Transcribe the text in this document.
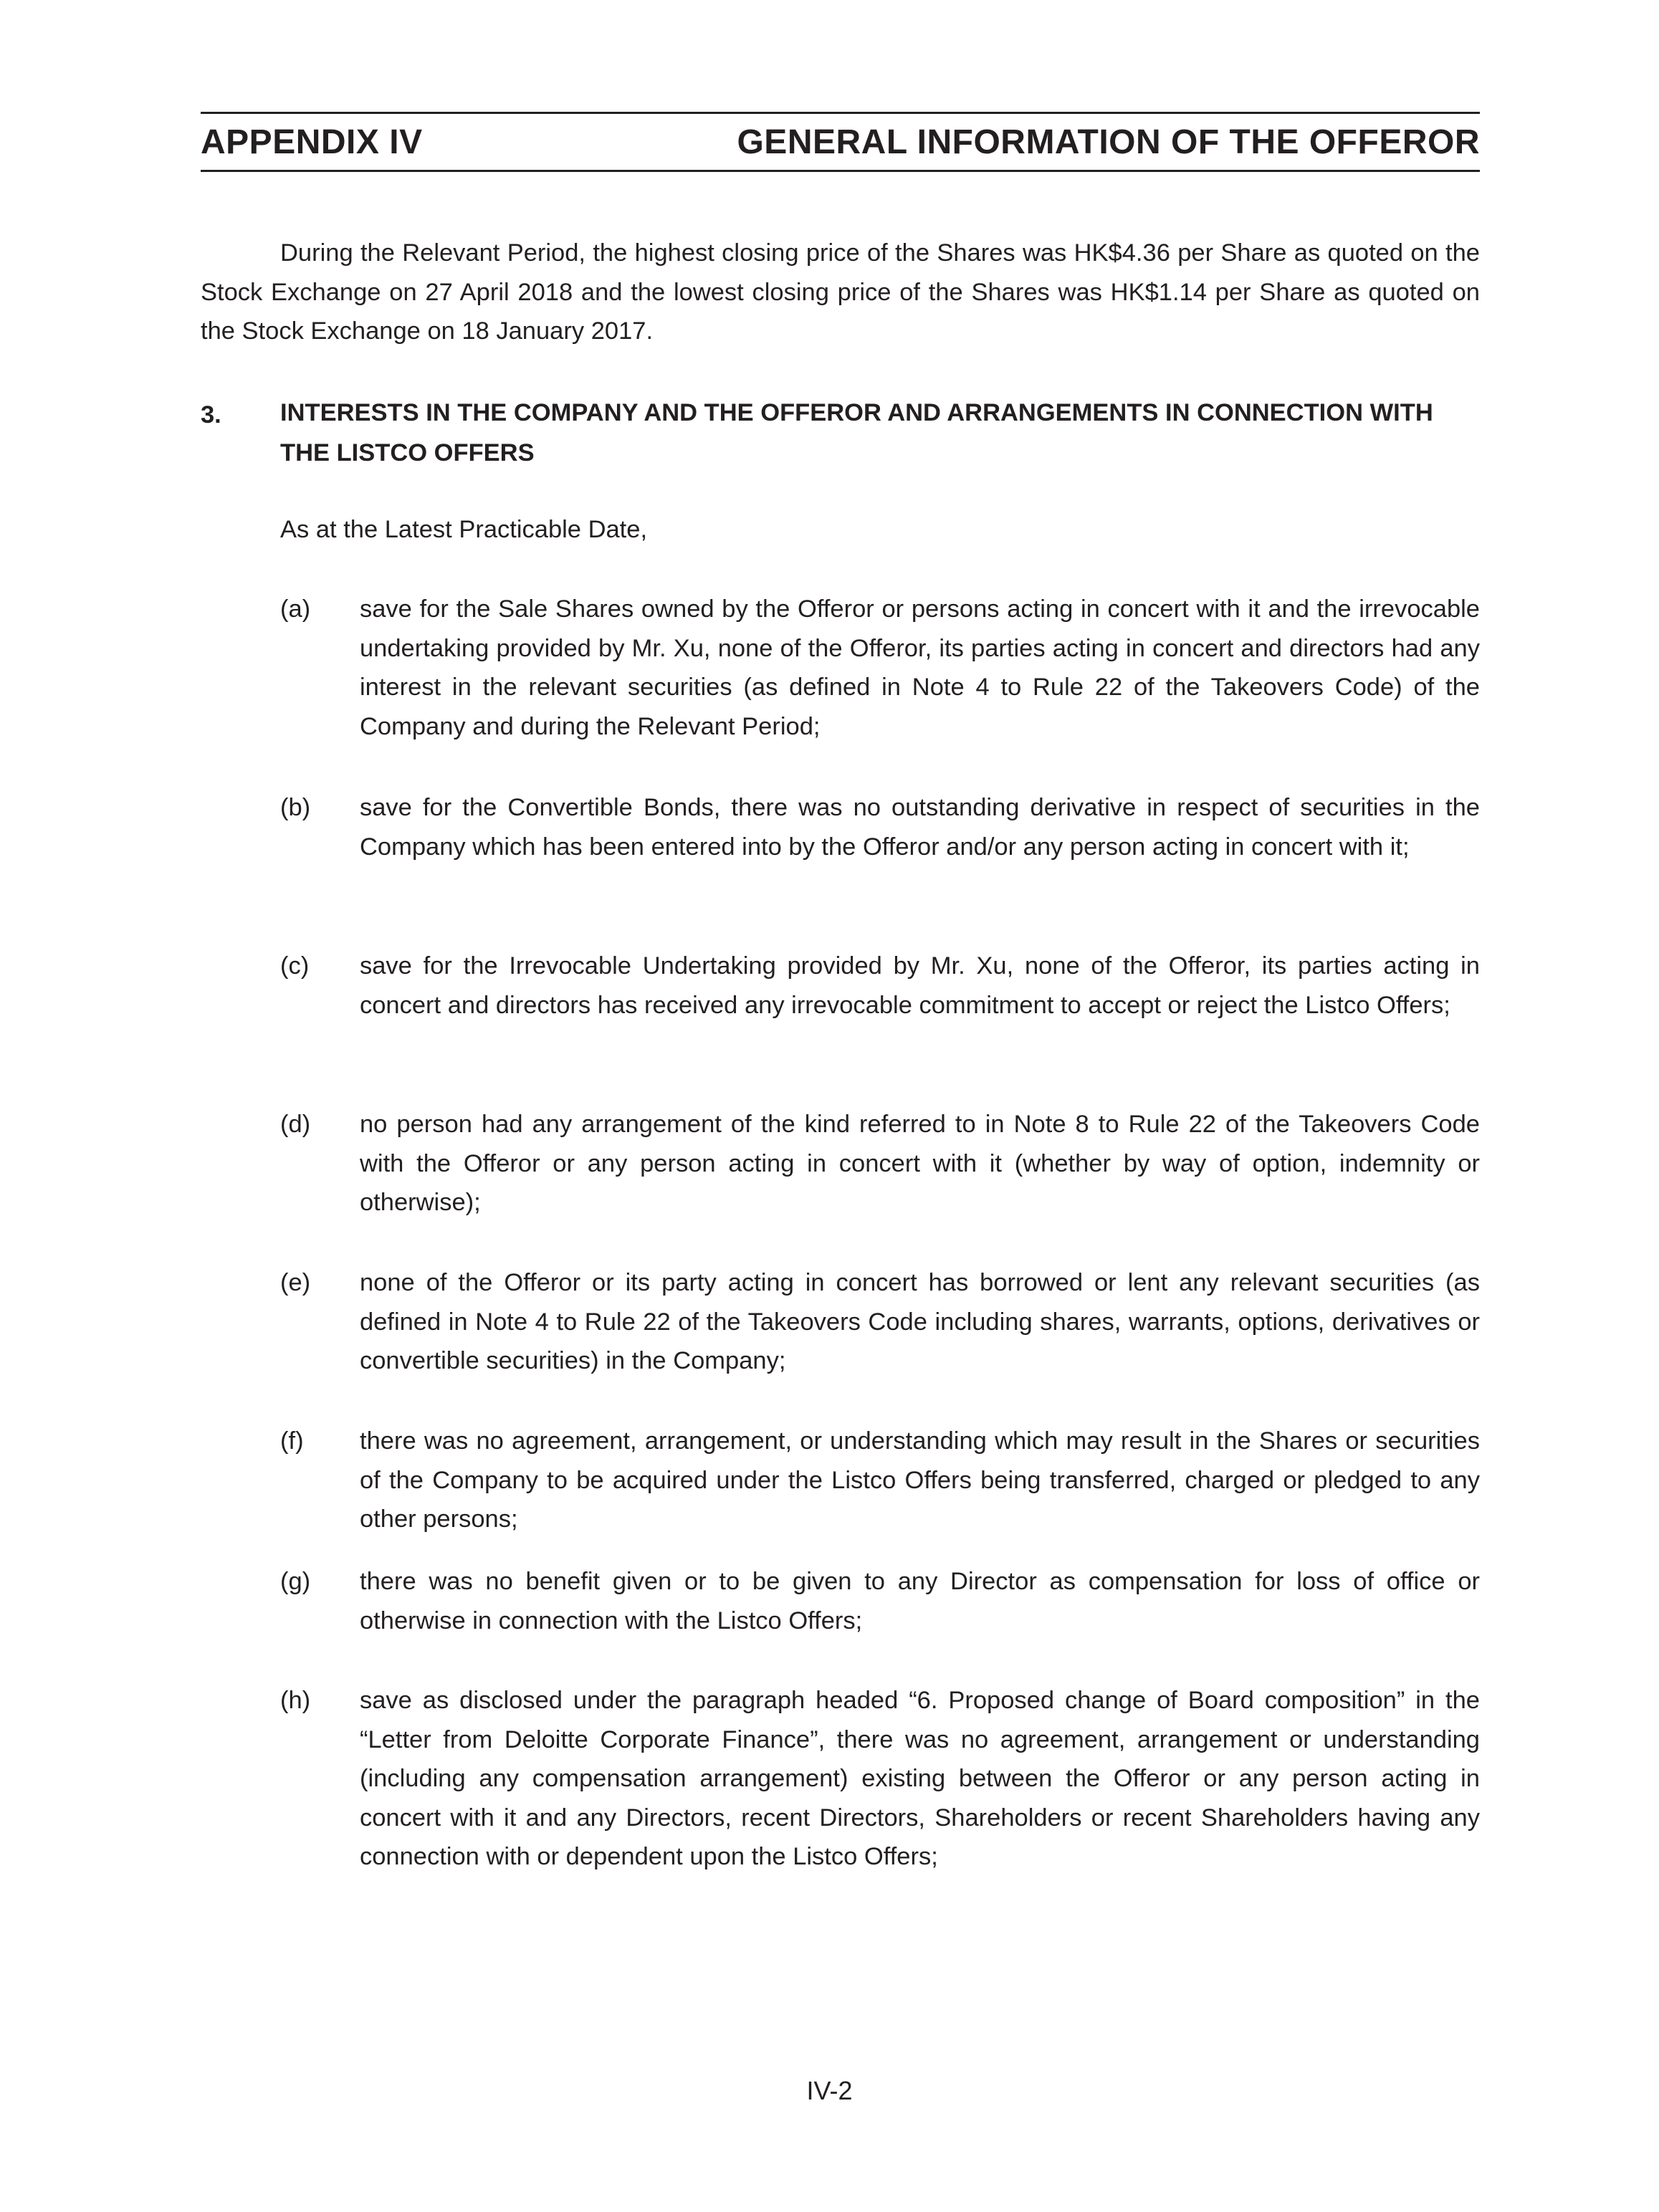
APPENDIX IV	GENERAL INFORMATION OF THE OFFEROR
During the Relevant Period, the highest closing price of the Shares was HK$4.36 per Share as quoted on the Stock Exchange on 27 April 2018 and the lowest closing price of the Shares was HK$1.14 per Share as quoted on the Stock Exchange on 18 January 2017.
3. INTERESTS IN THE COMPANY AND THE OFFEROR AND ARRANGEMENTS IN CONNECTION WITH THE LISTCO OFFERS
As at the Latest Practicable Date,
(a) save for the Sale Shares owned by the Offeror or persons acting in concert with it and the irrevocable undertaking provided by Mr. Xu, none of the Offeror, its parties acting in concert and directors had any interest in the relevant securities (as defined in Note 4 to Rule 22 of the Takeovers Code) of the Company and during the Relevant Period;
(b) save for the Convertible Bonds, there was no outstanding derivative in respect of securities in the Company which has been entered into by the Offeror and/or any person acting in concert with it;
(c) save for the Irrevocable Undertaking provided by Mr. Xu, none of the Offeror, its parties acting in concert and directors has received any irrevocable commitment to accept or reject the Listco Offers;
(d) no person had any arrangement of the kind referred to in Note 8 to Rule 22 of the Takeovers Code with the Offeror or any person acting in concert with it (whether by way of option, indemnity or otherwise);
(e) none of the Offeror or its party acting in concert has borrowed or lent any relevant securities (as defined in Note 4 to Rule 22 of the Takeovers Code including shares, warrants, options, derivatives or convertible securities) in the Company;
(f) there was no agreement, arrangement, or understanding which may result in the Shares or securities of the Company to be acquired under the Listco Offers being transferred, charged or pledged to any other persons;
(g) there was no benefit given or to be given to any Director as compensation for loss of office or otherwise in connection with the Listco Offers;
(h) save as disclosed under the paragraph headed “6. Proposed change of Board composition” in the “Letter from Deloitte Corporate Finance”, there was no agreement, arrangement or understanding (including any compensation arrangement) existing between the Offeror or any person acting in concert with it and any Directors, recent Directors, Shareholders or recent Shareholders having any connection with or dependent upon the Listco Offers;
IV-2
